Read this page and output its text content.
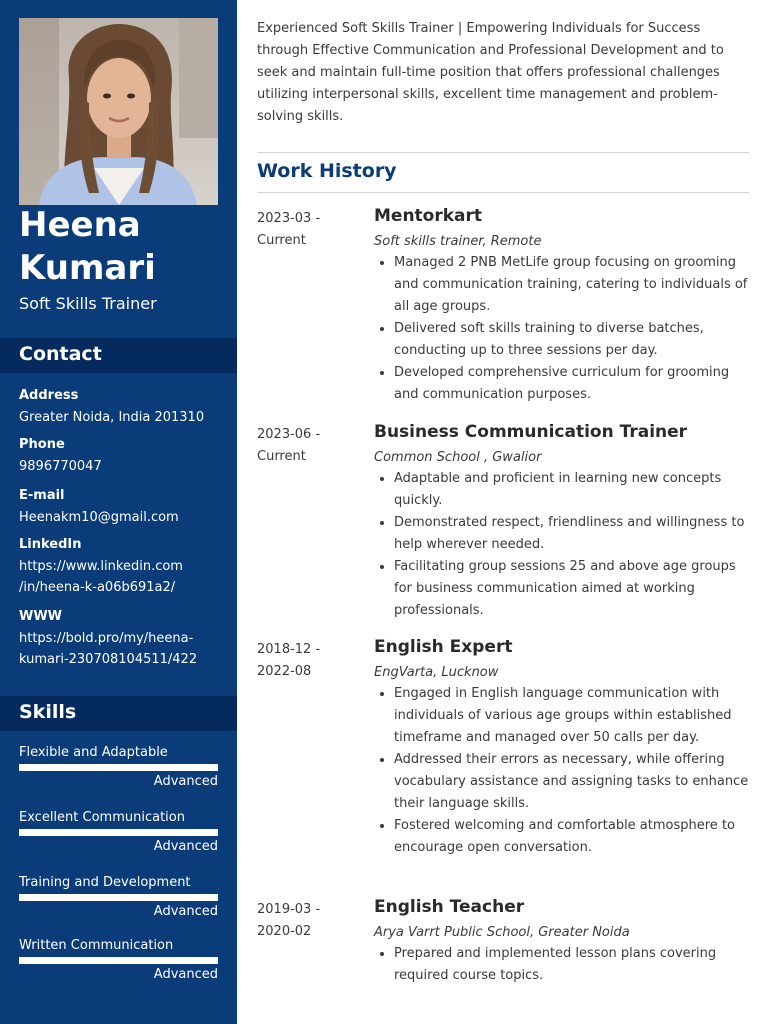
Heena
Kumari
Soft Skills Trainer
Contact
Address
Greater Noida, India 201310
Phone
9896770047
E-mail
Heenakm10@gmail.com
LinkedIn
https://www.linkedin.com
/in/heena-k-a06b691a2/
WWW
https://bold.pro/my/heena-
kumari-230708104511/422
Skills
Flexible and Adaptable
Advanced
Excellent Communication
Advanced
Training and Development
Advanced
Written Communication
Advanced
Experienced Soft Skills Trainer | Empowering Individuals for Success through Effective Communication and Professional Development and to seek and maintain full-time position that offers professional challenges utilizing interpersonal skills, excellent time management and problem-solving skills.
Work History
2023-03 -
Current
Mentorkart
Soft skills trainer, Remote
• Managed 2 PNB MetLife group focusing on grooming and communication training, catering to individuals of all age groups.
• Delivered soft skills training to diverse batches, conducting up to three sessions per day.
• Developed comprehensive curriculum for grooming and communication purposes.
2023-06 -
Current
Business Communication Trainer
Common School , Gwalior
• Adaptable and proficient in learning new concepts quickly.
• Demonstrated respect, friendliness and willingness to help wherever needed.
• Facilitating group sessions 25 and above age groups for business communication aimed at working professionals.
2018-12 -
2022-08
English Expert
EngVarta, Lucknow
• Engaged in English language communication with individuals of various age groups within established timeframe and managed over 50 calls per day.
• Addressed their errors as necessary, while offering vocabulary assistance and assigning tasks to enhance their language skills.
• Fostered welcoming and comfortable atmosphere to encourage open conversation.
2019-03 -
2020-02
English Teacher
Arya Varrt Public School, Greater Noida
• Prepared and implemented lesson plans covering required course topics.
